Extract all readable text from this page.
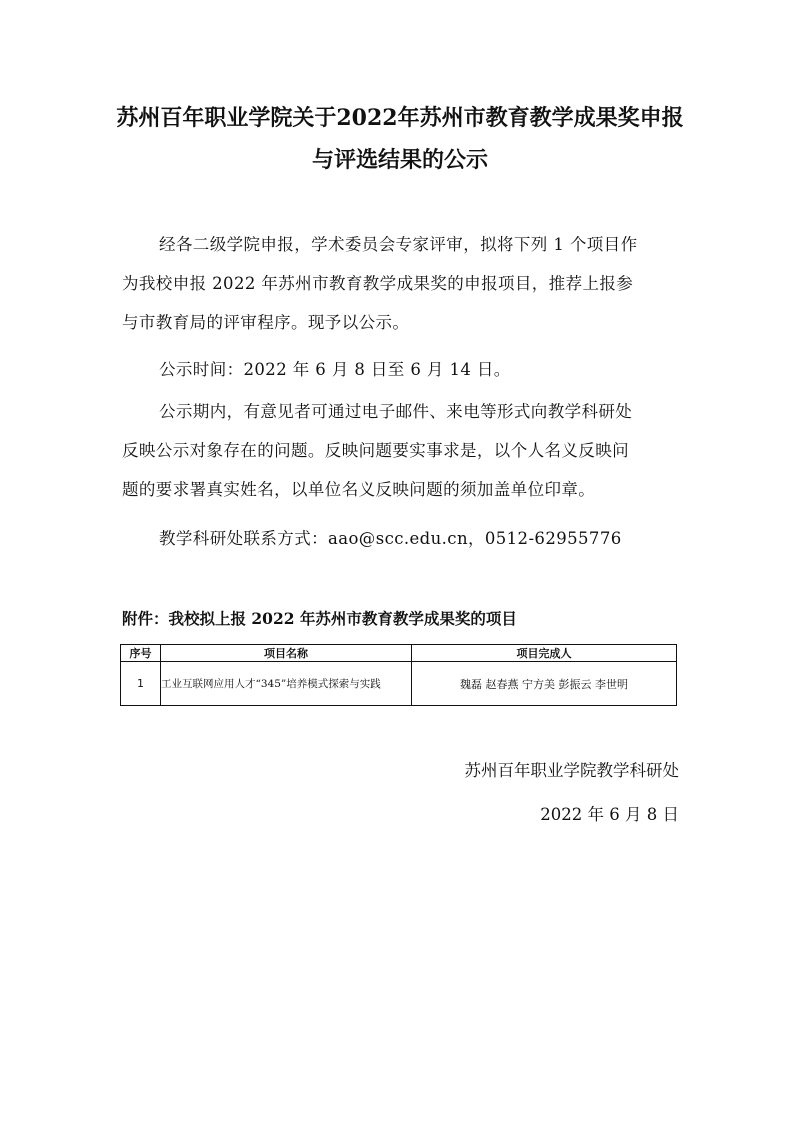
苏州百年职业学院关于2022年苏州市教育教学成果奖申报
与评选结果的公示
经各二级学院申报，学术委员会专家评审，拟将下列 1 个项目作
为我校申报 2022 年苏州市教育教学成果奖的申报项目，推荐上报参
与市教育局的评审程序。现予以公示。
公示时间：2022 年 6 月 8 日至 6 月 14 日。
公示期内，有意见者可通过电子邮件、来电等形式向教学科研处
反映公示对象存在的问题。反映问题要实事求是，以个人名义反映问
题的要求署真实姓名，以单位名义反映问题的须加盖单位印章。
教学科研处联系方式：aao@scc.edu.cn，0512-62955776
附件：我校拟上报 2022 年苏州市教育教学成果奖的项目
序号	项目名称	项目完成人
1	工业互联网应用人才“345”培养模式探索与实践	魏磊 赵春燕 宁方美 彭振云 李世明
苏州百年职业学院教学科研处
2022 年 6 月 8 日
